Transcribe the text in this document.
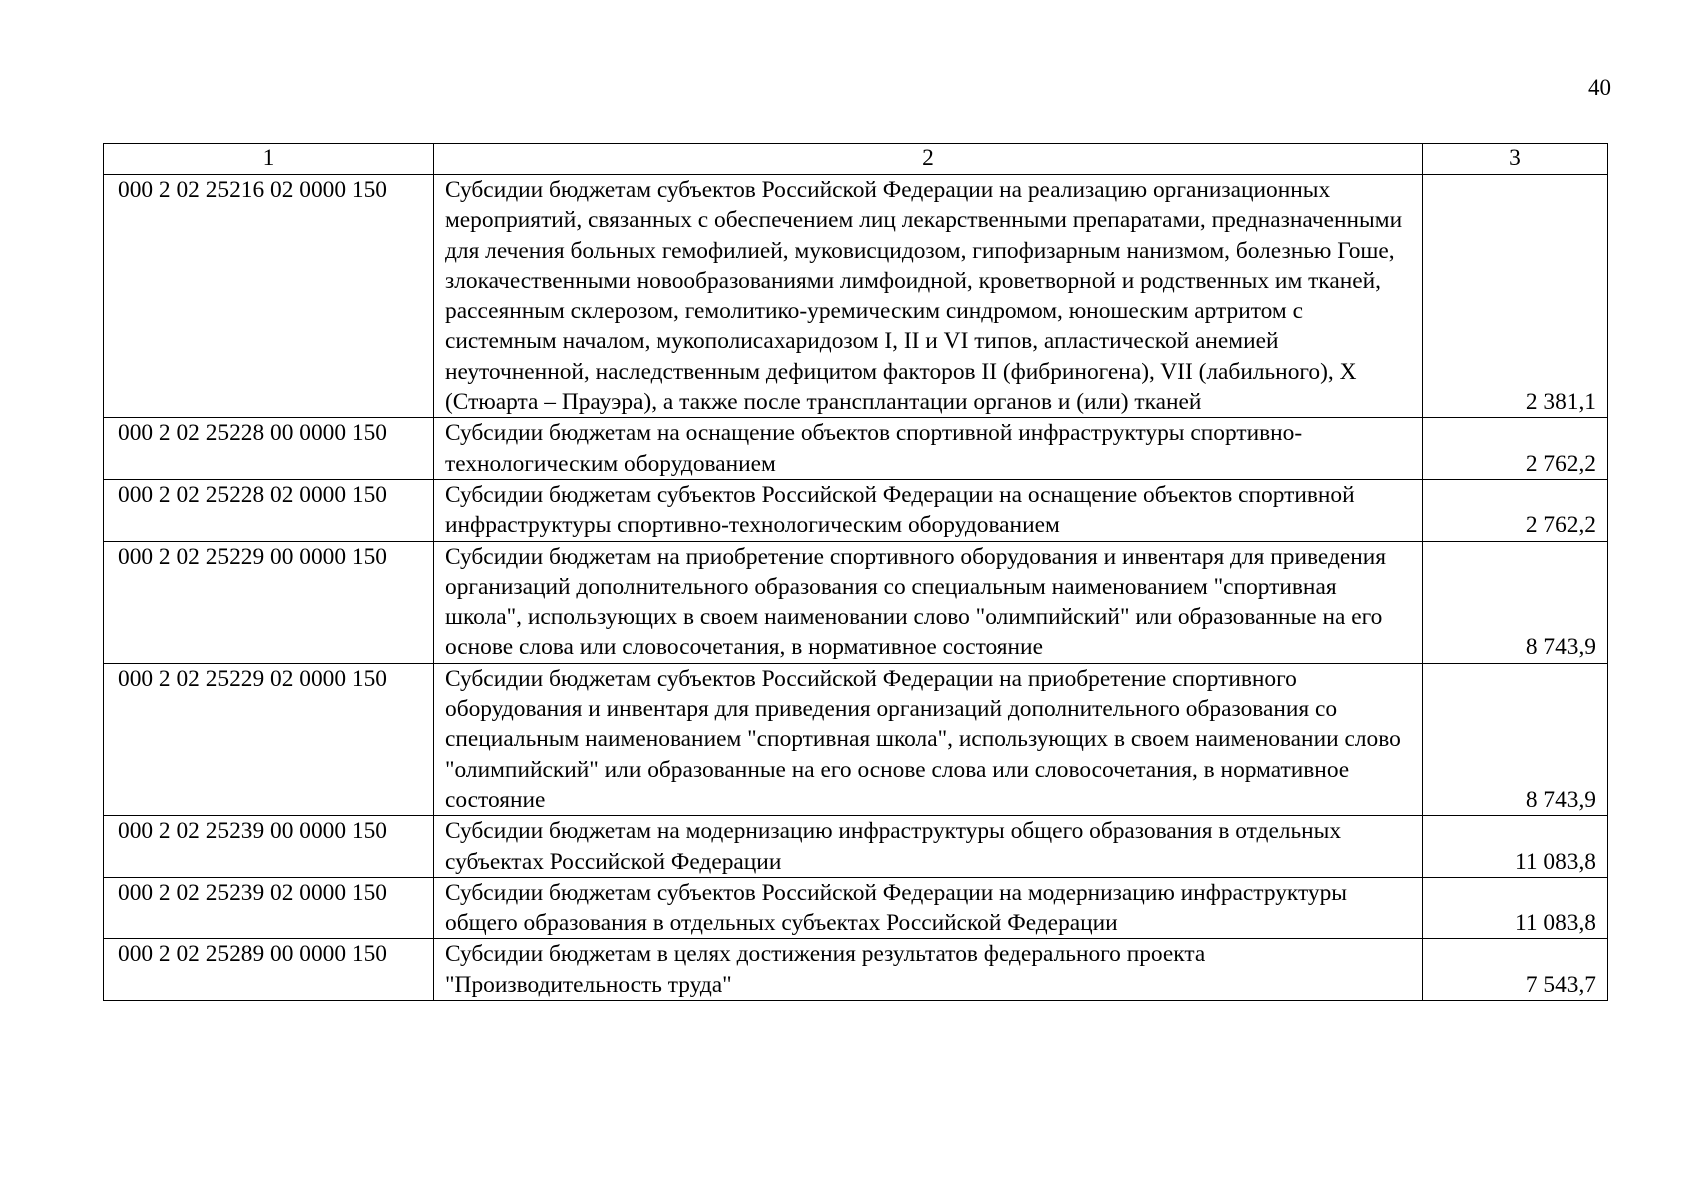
40
1	2	3
000 2 02 25216 02 0000 150	Субсидии бюджетам субъектов Российской Федерации на реализацию организационных мероприятий, связанных с обеспечением лиц лекарственными препаратами, предназначенными для лечения больных гемофилией, муковисцидозом, гипофизарным нанизмом, болезнью Гоше, злокачественными новообразованиями лимфоидной, кроветворной и родственных им тканей, рассеянным склерозом, гемолитико-уремическим синдромом, юношеским артритом с системным началом, мукополисахаридозом I, II и VI типов, апластической анемией неуточненной, наследственным дефицитом факторов II (фибриногена), VII (лабильного), X (Стюарта – Прауэра), а также после трансплантации органов и (или) тканей	2 381,1
000 2 02 25228 00 0000 150	Субсидии бюджетам на оснащение объектов спортивной инфраструктуры спортивно-технологическим оборудованием	2 762,2
000 2 02 25228 02 0000 150	Субсидии бюджетам субъектов Российской Федерации на оснащение объектов спортивной инфраструктуры спортивно-технологическим оборудованием	2 762,2
000 2 02 25229 00 0000 150	Субсидии бюджетам на приобретение спортивного оборудования и инвентаря для приведения организаций дополнительного образования со специальным наименованием "спортивная школа", использующих в своем наименовании слово "олимпийский" или образованные на его основе слова или словосочетания, в нормативное состояние	8 743,9
000 2 02 25229 02 0000 150	Субсидии бюджетам субъектов Российской Федерации на приобретение спортивного оборудования и инвентаря для приведения организаций дополнительного образования со специальным наименованием "спортивная школа", использующих в своем наименовании слово "олимпийский" или образованные на его основе слова или словосочетания, в нормативное состояние	8 743,9
000 2 02 25239 00 0000 150	Субсидии бюджетам на модернизацию инфраструктуры общего образования в отдельных субъектах Российской Федерации	11 083,8
000 2 02 25239 02 0000 150	Субсидии бюджетам субъектов Российской Федерации на модернизацию инфраструктуры общего образования в отдельных субъектах Российской Федерации	11 083,8
000 2 02 25289 00 0000 150	Субсидии бюджетам в целях достижения результатов федерального проекта "Производительность труда"	7 543,7
